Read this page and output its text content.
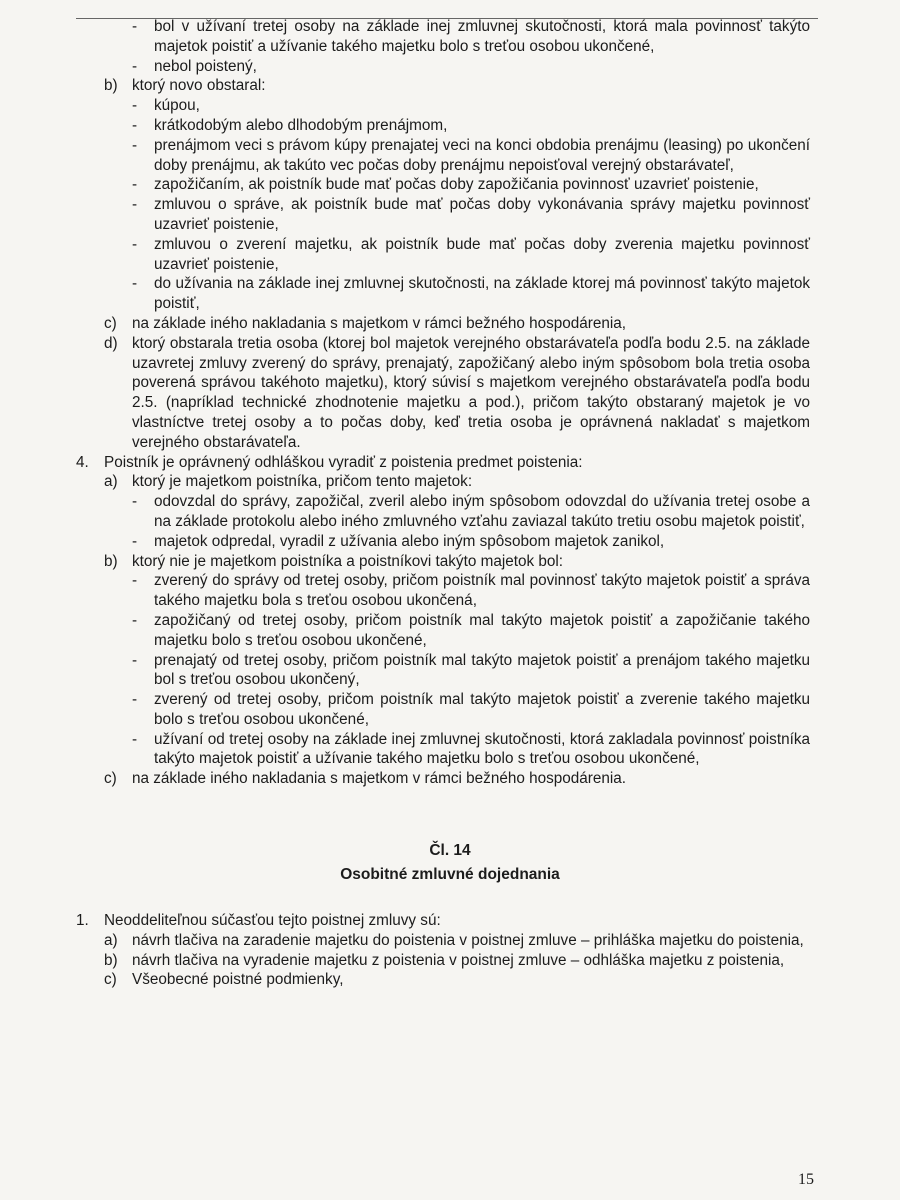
-	bol v užívaní tretej osoby na základe inej zmluvnej skutočnosti, ktorá mala povinnosť takýto majetok poistiť a užívanie takého majetku bolo s treťou osobou ukončené,
-	nebol poistený,
b) ktorý novo obstaral:
-	kúpou,
-	krátkodobým alebo dlhodobým prenájmom,
-	prenájmom veci s právom kúpy prenajatej veci na konci obdobia prenájmu (leasing) po ukončení doby prenájmu, ak takúto vec počas doby prenájmu nepoisťoval verejný obstarávateľ,
-	zapožičaním, ak poistník bude mať počas doby zapožičania povinnosť uzavrieť poistenie,
-	zmluvou o správe, ak poistník bude mať počas doby vykonávania správy majetku povinnosť uzavrieť poistenie,
-	zmluvou o zverení majetku, ak poistník bude mať počas doby zverenia majetku povinnosť uzavrieť poistenie,
-	do užívania na základe inej zmluvnej skutočnosti, na základe ktorej má povinnosť takýto majetok poistiť,
c) na základe iného nakladania s majetkom v rámci bežného hospodárenia,
d) ktorý obstarala tretia osoba (ktorej bol majetok verejného obstarávateľa podľa bodu 2.5. na základe uzavretej zmluvy zverený do správy, prenajatý, zapožičaný alebo iným spôsobom bola tretia osoba poverená správou takéhoto majetku), ktorý súvisí s majetkom verejného obstarávateľa podľa bodu 2.5. (napríklad technické zhodnotenie majetku a pod.), pričom takýto obstaraný majetok je vo vlastníctve tretej osoby a to počas doby, keď tretia osoba je oprávnená nakladať s majetkom verejného obstarávateľa.
4. Poistník je oprávnený odhláškou vyradiť z poistenia predmet poistenia:
a) ktorý je majetkom poistníka, pričom tento majetok:
-	odovzdal do správy, zapožičal, zveril alebo iným spôsobom odovzdal do užívania tretej osobe a na základe protokolu alebo iného zmluvného vzťahu zaviazal takúto tretiu osobu majetok poistiť,
-	majetok odpredal, vyradil z užívania alebo iným spôsobom majetok zanikol,
b) ktorý nie je majetkom poistníka a poistníkovi takýto majetok bol:
-	zverený do správy od tretej osoby, pričom poistník mal povinnosť takýto majetok poistiť a správa takého majetku bola s treťou osobou ukončená,
-	zapožičaný od tretej osoby, pričom poistník mal takýto majetok poistiť a zapožičanie takého majetku bolo s treťou osobou ukončené,
-	prenajatý od tretej osoby, pričom poistník mal takýto majetok poistiť a prenájom takého majetku bol s treťou osobou ukončený,
-	zverený od tretej osoby, pričom poistník mal takýto majetok poistiť a zverenie takého majetku bolo s treťou osobou ukončené,
-	užívaní od tretej osoby na základe inej zmluvnej skutočnosti, ktorá zakladala povinnosť poistníka takýto majetok poistiť a užívanie takého majetku bolo s treťou osobou ukončené,
c) na základe iného nakladania s majetkom v rámci bežného hospodárenia.
Čl. 14
Osobitné zmluvné dojednania
1. Neoddeliteľnou súčasťou tejto poistnej zmluvy sú:
a) návrh tlačiva na zaradenie majetku do poistenia v poistnej zmluve – prihláška majetku do poistenia,
b) návrh tlačiva na vyradenie majetku z poistenia v poistnej zmluve – odhláška majetku z poistenia,
c) Všeobecné poistné podmienky,
15
